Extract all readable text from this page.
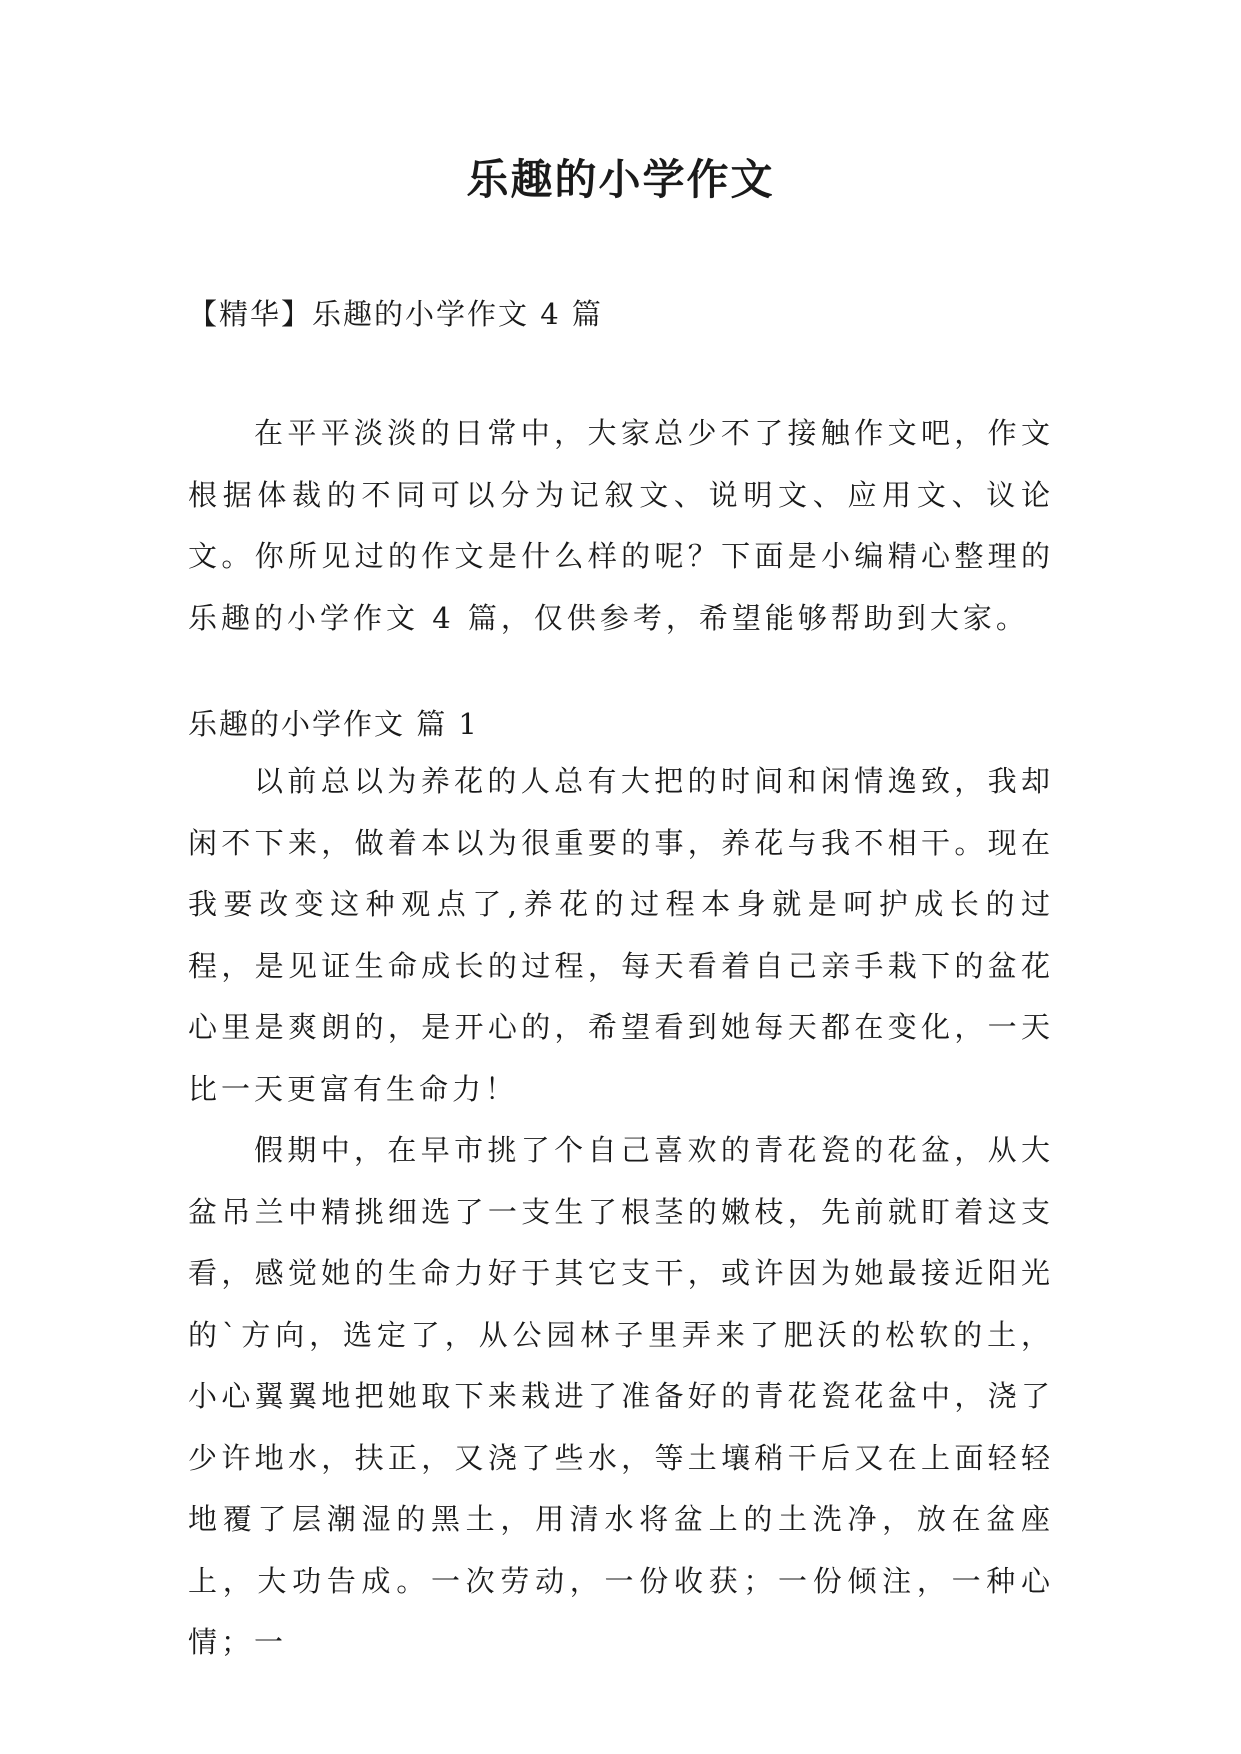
乐趣的小学作文
【精华】乐趣的小学作文 4 篇

在平平淡淡的日常中，大家总少不了接触作文吧，作文根据体裁的不同可以分为记叙文、说明文、应用文、议论文。你所见过的作文是什么样的呢？下面是小编精心整理的乐趣的小学作文 4 篇，仅供参考，希望能够帮助到大家。

乐趣的小学作文 篇 1

以前总以为养花的人总有大把的时间和闲情逸致，我却闲不下来，做着本以为很重要的事，养花与我不相干。现在我要改变这种观点了,养花的过程本身就是呵护成长的过程，是见证生命成长的过程，每天看着自己亲手栽下的盆花心里是爽朗的，是开心的，希望看到她每天都在变化，一天比一天更富有生命力！

假期中，在早市挑了个自己喜欢的青花瓷的花盆，从大盆吊兰中精挑细选了一支生了根茎的嫩枝，先前就盯着这支看，感觉她的生命力好于其它支干，或许因为她最接近阳光的`方向，选定了，从公园林子里弄来了肥沃的松软的土，小心翼翼地把她取下来栽进了准备好的青花瓷花盆中，浇了少许地水，扶正，又浇了些水，等土壤稍干后又在上面轻轻地覆了层潮湿的黑土，用清水将盆上的土洗净，放在盆座上，大功告成。一次劳动，一份收获；一份倾注，一种心情；一
